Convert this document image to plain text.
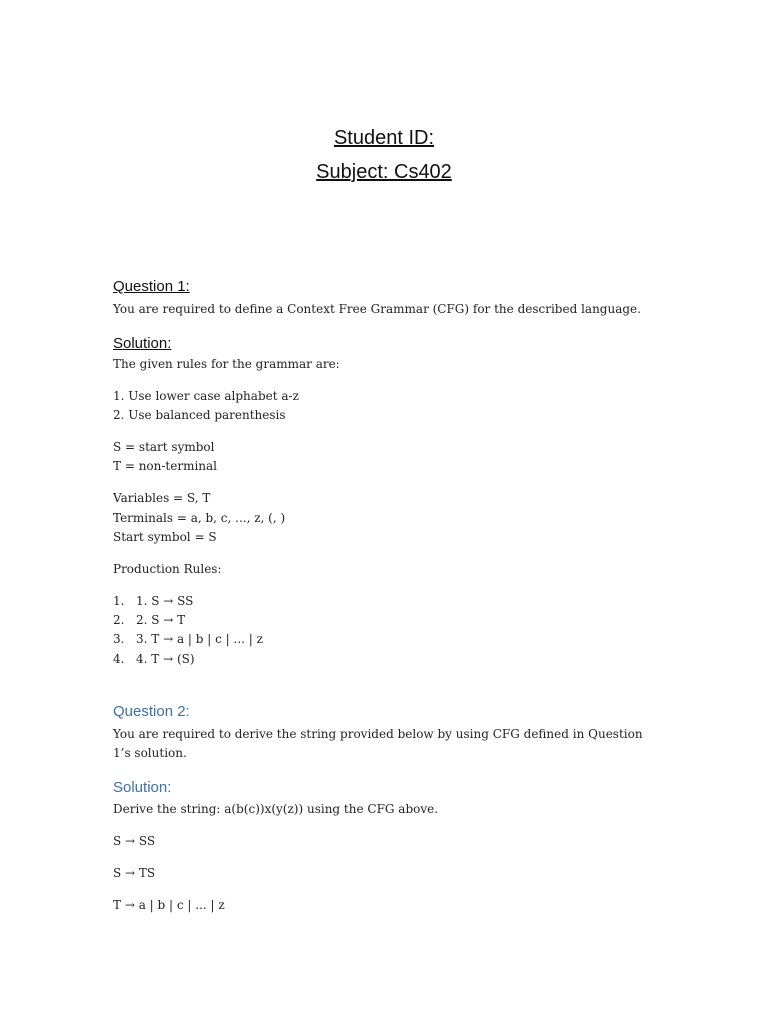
Student ID:
Subject: Cs402
Question 1:
You are required to define a Context Free Grammar (CFG) for the described language.
Solution:
The given rules for the grammar are:
1. Use lower case alphabet a-z
2. Use balanced parenthesis
S = start symbol
T = non-terminal
Variables = S, T
Terminals = a, b, c, ..., z, (, )
Start symbol = S
Production Rules:
1. 1. S → SS
2. 2. S → T
3. 3. T → a | b | c | ... | z
4. 4. T → (S)
Question 2:
You are required to derive the string provided below by using CFG defined in Question 1’s solution.
Solution:
Derive the string: a(b(c))x(y(z)) using the CFG above.
S → SS
S → TS
T → a | b | c | ... | z
